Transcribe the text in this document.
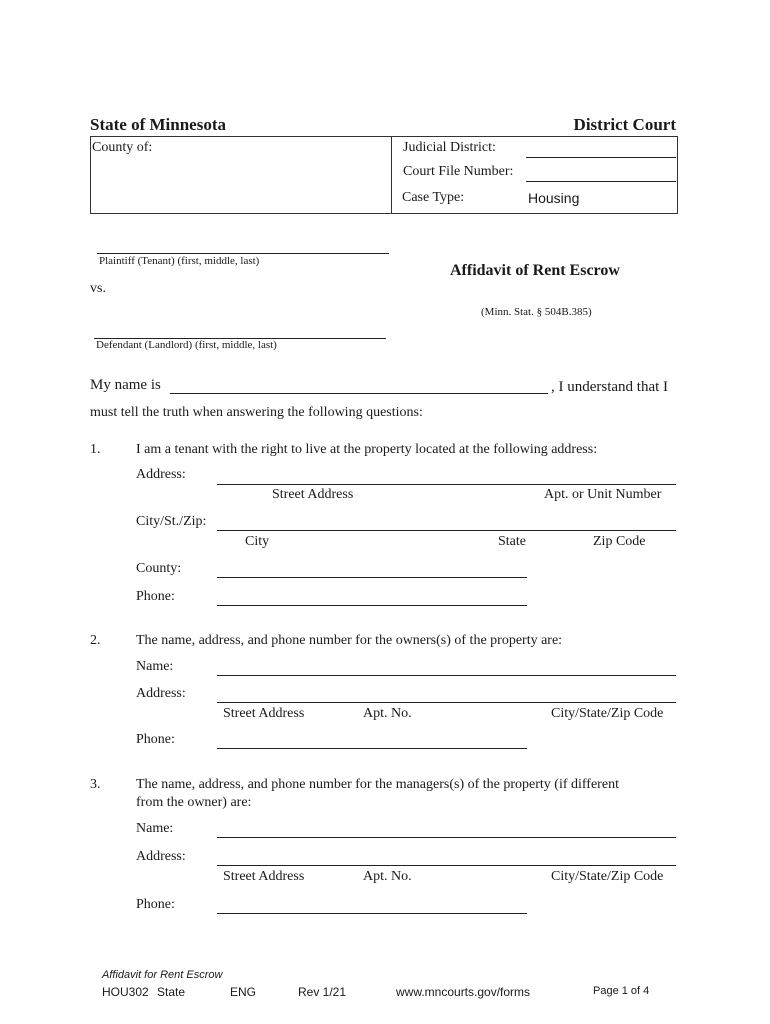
State of Minnesota	District Court
County of:	Judicial District:
Court File Number:
Case Type:	Housing
Plaintiff (Tenant) (first, middle, last)
vs.
Defendant (Landlord) (first, middle, last)
Affidavit of Rent Escrow
(Minn. Stat. § 504B.385)
My name is	, I understand that I
must tell the truth when answering the following questions:
1.	I am a tenant with the right to live at the property located at the following address:
Address:
Street Address	Apt. or Unit Number
City/St./Zip:
City	State	Zip Code
County:
Phone:
2.	The name, address, and phone number for the owners(s) of the property are:
Name:
Address:
Street Address	Apt. No.	City/State/Zip Code
Phone:
3.	The name, address, and phone number for the managers(s) of the property (if different
from the owner) are:
Name:
Address:
Street Address	Apt. No.	City/State/Zip Code
Phone:
Affidavit for Rent Escrow
HOU302 State	ENG	Rev 1/21	www.mncourts.gov/forms	Page 1 of 4
